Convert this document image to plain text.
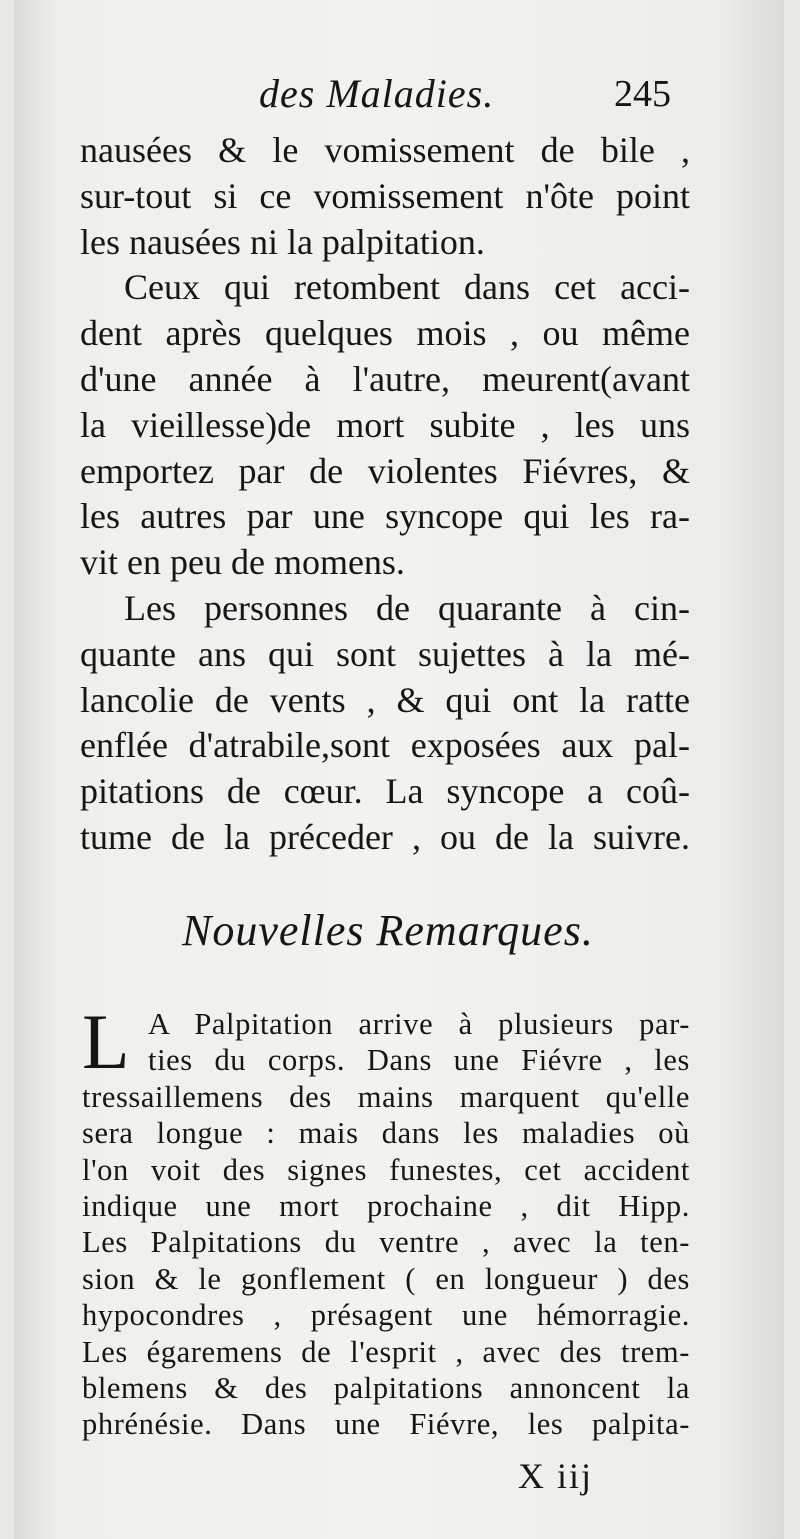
des Maladies.	245

nausées & le vomissement de bile ,
sur-tout si ce vomissement n'ôte point
les nausées ni la palpitation.

Ceux qui retombent dans cet acci-
dent après quelques mois , ou même
d'une année à l'autre, meurent(avant
la vieillesse)de mort subite , les uns
emportez par de violentes Fiévres, &
les autres par une syncope qui les ra-
vit en peu de momens.

Les personnes de quarante à cin-
quante ans qui sont sujettes à la mé-
lancolie de vents , & qui ont la ratte
enflée d'atrabile,sont exposées aux pal-
pitations de cœur. La syncope a coû-
tume de la préceder , ou de la suivre.

Nouvelles Remarques.
L A Palpitation arrive à plusieurs par-
ties du corps. Dans une Fiévre , les
tressaillemens des mains marquent qu'elle
sera longue : mais dans les maladies où
l'on voit des signes funestes, cet accident
indique une mort prochaine , dit Hipp.
Les Palpitations du ventre , avec la ten-
sion & le gonflement ( en longueur ) des
hypocondres , présagent une hémorragie.
Les égaremens de l'esprit , avec des trem-
blemens & des palpitations annoncent la
phrénésie. Dans une Fiévre, les palpita-
X iij
